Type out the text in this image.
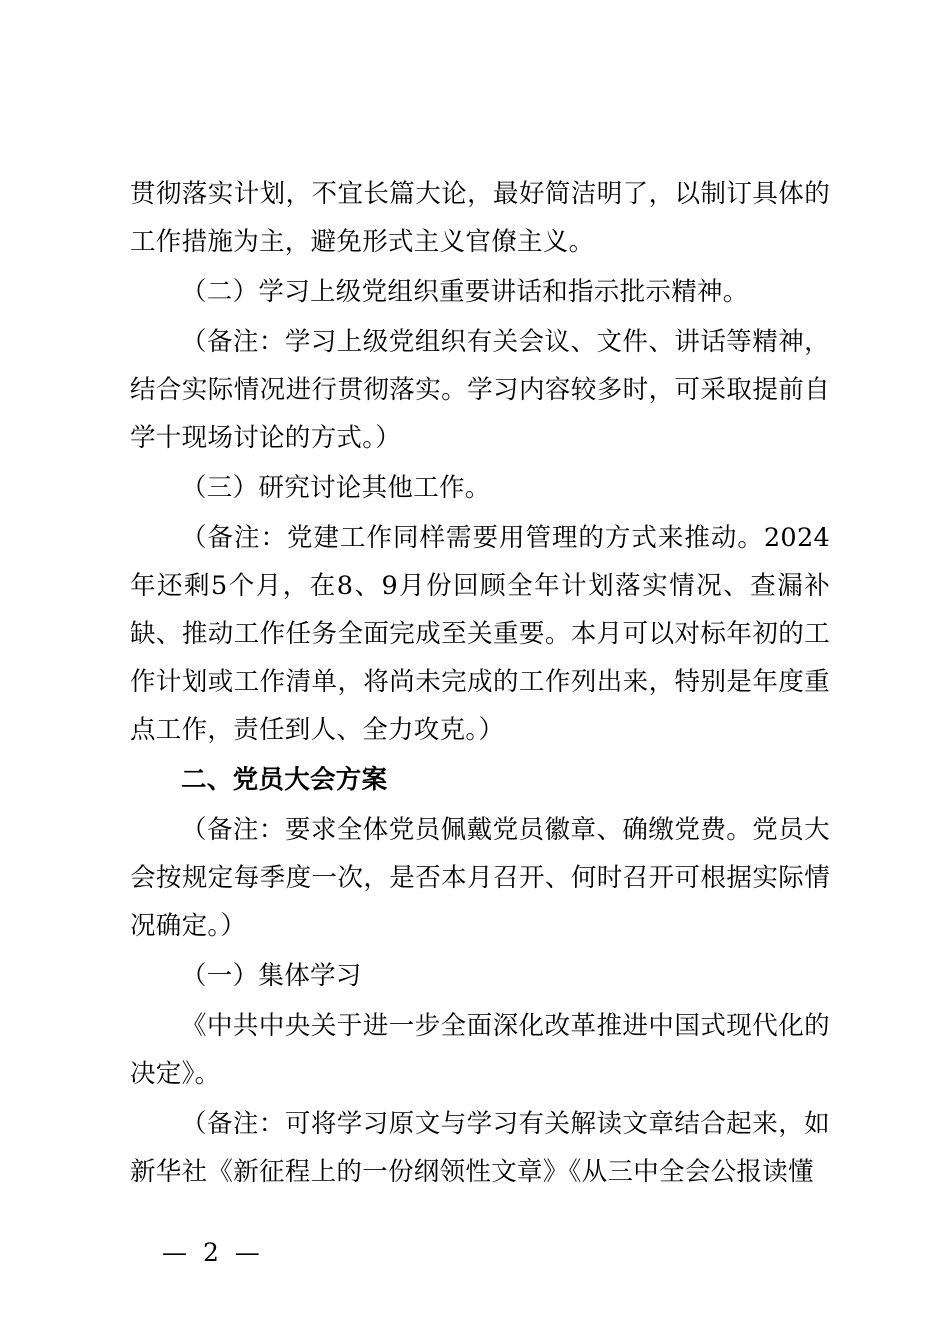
贯彻落实计划，不宜长篇大论，最好简洁明了，以制订具体的工作措施为主，避免形式主义官僚主义。

（二）学习上级党组织重要讲话和指示批示精神。

（备注：学习上级党组织有关会议、文件、讲话等精神，结合实际情况进行贯彻落实。学习内容较多时，可采取提前自学十现场讨论的方式。）

（三）研究讨论其他工作。

（备注：党建工作同样需要用管理的方式来推动。2024年还剩5个月，在8、9月份回顾全年计划落实情况、查漏补缺、推动工作任务全面完成至关重要。本月可以对标年初的工作计划或工作清单，将尚未完成的工作列出来，特别是年度重点工作，责任到人、全力攻克。）

二、党员大会方案

（备注：要求全体党员佩戴党员徽章、确缴党费。党员大会按规定每季度一次，是否本月召开、何时召开可根据实际情况确定。）

（一）集体学习

《中共中央关于进一步全面深化改革推进中国式现代化的决定》。

（备注：可将学习原文与学习有关解读文章结合起来，如新华社《新征程上的一份纲领性文章》《从三中全会公报读懂

— 2 —
